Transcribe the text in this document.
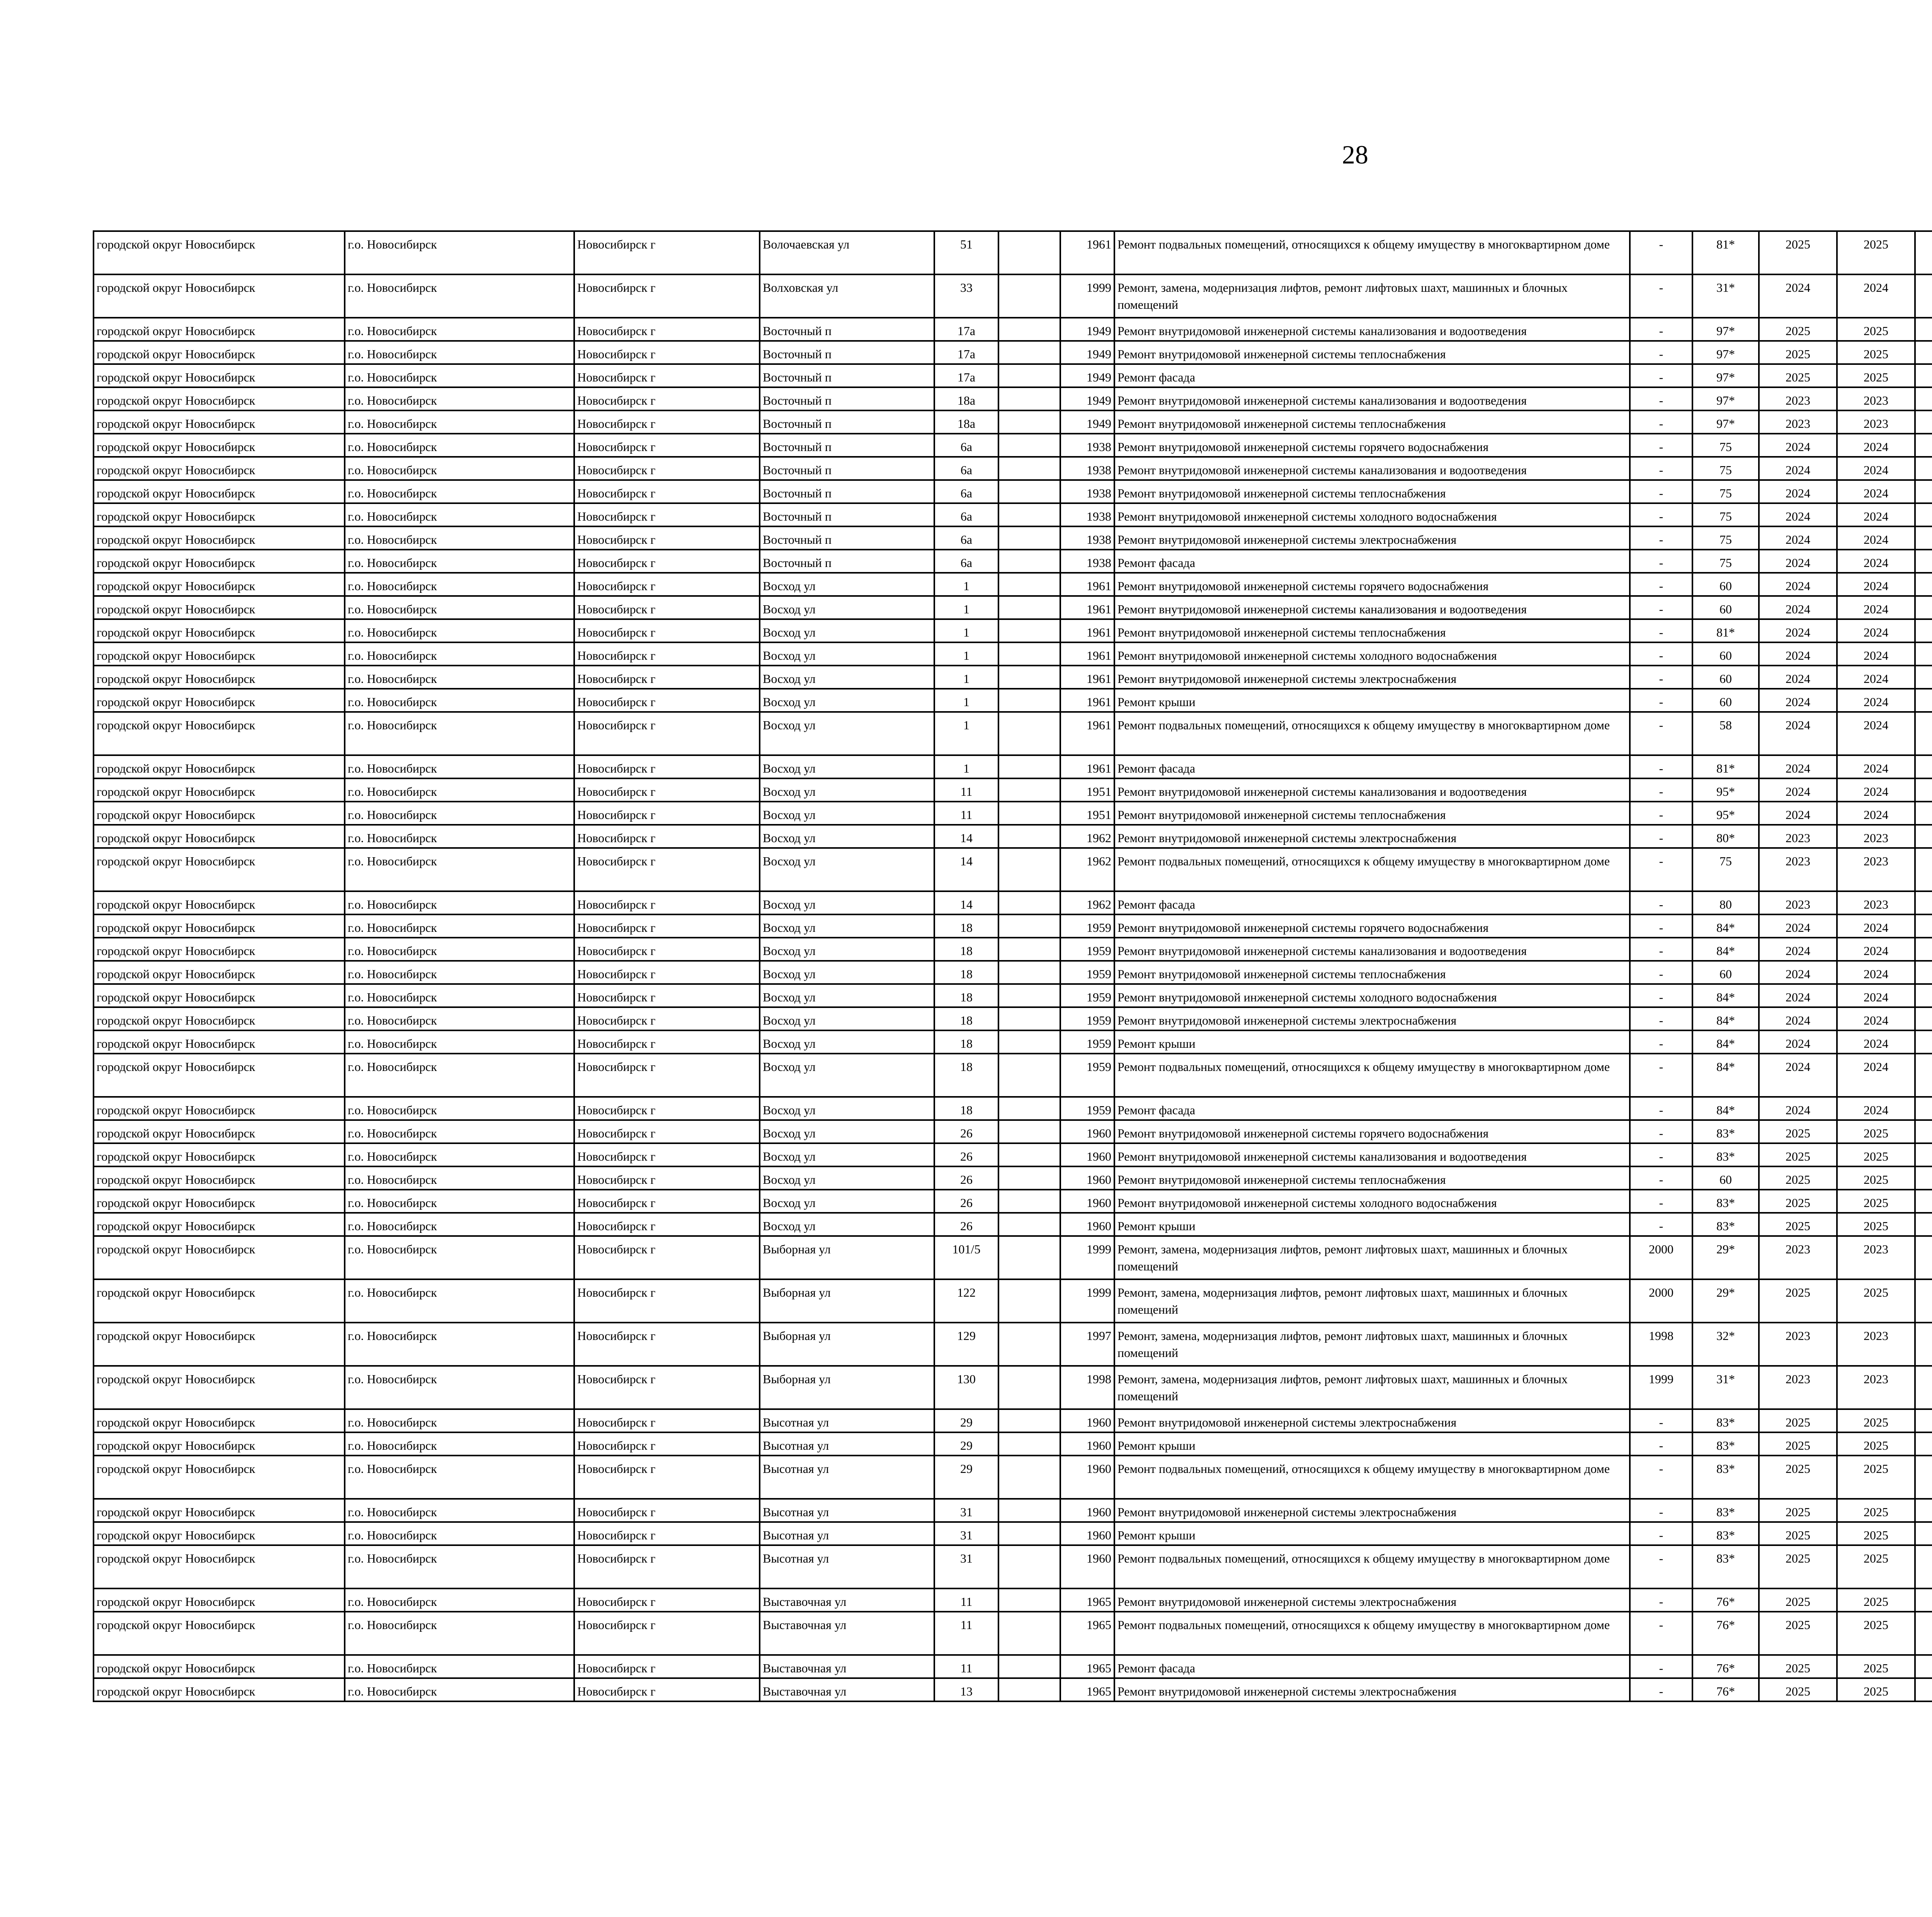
28
городской округ Новосибирск	г.о. Новосибирск	Новосибирск г	Волочаевская ул	51		1961	Ремонт подвальных помещений, относящихся к общему имуществу в многоквартирном доме	-	81*	2025	2025								
городской округ Новосибирск	г.о. Новосибирск	Новосибирск г	Волховская ул	33		1999	Ремонт, замена, модернизация лифтов, ремонт лифтовых шахт, машинных и блочных помещений	-	31*	2024	2024								
городской округ Новосибирск	г.о. Новосибирск	Новосибирск г	Восточный п	17а		1949	Ремонт внутридомовой инженерной системы канализования и водоотведения	-	97*	2025	2025								
городской округ Новосибирск	г.о. Новосибирск	Новосибирск г	Восточный п	17а		1949	Ремонт внутридомовой инженерной системы теплоснабжения	-	97*	2025	2025								
городской округ Новосибирск	г.о. Новосибирск	Новосибирск г	Восточный п	17а		1949	Ремонт фасада	-	97*	2025	2025								
городской округ Новосибирск	г.о. Новосибирск	Новосибирск г	Восточный п	18а		1949	Ремонт внутридомовой инженерной системы канализования и водоотведения	-	97*	2023	2023								
городской округ Новосибирск	г.о. Новосибирск	Новосибирск г	Восточный п	18а		1949	Ремонт внутридомовой инженерной системы теплоснабжения	-	97*	2023	2023								
городской округ Новосибирск	г.о. Новосибирск	Новосибирск г	Восточный п	6а		1938	Ремонт внутридомовой инженерной системы горячего водоснабжения	-	75	2024	2024								
городской округ Новосибирск	г.о. Новосибирск	Новосибирск г	Восточный п	6а		1938	Ремонт внутридомовой инженерной системы канализования и водоотведения	-	75	2024	2024								
городской округ Новосибирск	г.о. Новосибирск	Новосибирск г	Восточный п	6а		1938	Ремонт внутридомовой инженерной системы теплоснабжения	-	75	2024	2024								
городской округ Новосибирск	г.о. Новосибирск	Новосибирск г	Восточный п	6а		1938	Ремонт внутридомовой инженерной системы холодного водоснабжения	-	75	2024	2024								
городской округ Новосибирск	г.о. Новосибирск	Новосибирск г	Восточный п	6а		1938	Ремонт внутридомовой инженерной системы электроснабжения	-	75	2024	2024								
городской округ Новосибирск	г.о. Новосибирск	Новосибирск г	Восточный п	6а		1938	Ремонт фасада	-	75	2024	2024								
городской округ Новосибирск	г.о. Новосибирск	Новосибирск г	Восход ул	1		1961	Ремонт внутридомовой инженерной системы горячего водоснабжения	-	60	2024	2024								
городской округ Новосибирск	г.о. Новосибирск	Новосибирск г	Восход ул	1		1961	Ремонт внутридомовой инженерной системы канализования и водоотведения	-	60	2024	2024								
городской округ Новосибирск	г.о. Новосибирск	Новосибирск г	Восход ул	1		1961	Ремонт внутридомовой инженерной системы теплоснабжения	-	81*	2024	2024								
городской округ Новосибирск	г.о. Новосибирск	Новосибирск г	Восход ул	1		1961	Ремонт внутридомовой инженерной системы холодного водоснабжения	-	60	2024	2024								
городской округ Новосибирск	г.о. Новосибирск	Новосибирск г	Восход ул	1		1961	Ремонт внутридомовой инженерной системы электроснабжения	-	60	2024	2024								
городской округ Новосибирск	г.о. Новосибирск	Новосибирск г	Восход ул	1		1961	Ремонт крыши	-	60	2024	2024								
городской округ Новосибирск	г.о. Новосибирск	Новосибирск г	Восход ул	1		1961	Ремонт подвальных помещений, относящихся к общему имуществу в многоквартирном доме	-	58	2024	2024								
городской округ Новосибирск	г.о. Новосибирск	Новосибирск г	Восход ул	1		1961	Ремонт фасада	-	81*	2024	2024								
городской округ Новосибирск	г.о. Новосибирск	Новосибирск г	Восход ул	11		1951	Ремонт внутридомовой инженерной системы канализования и водоотведения	-	95*	2024	2024								
городской округ Новосибирск	г.о. Новосибирск	Новосибирск г	Восход ул	11		1951	Ремонт внутридомовой инженерной системы теплоснабжения	-	95*	2024	2024								
городской округ Новосибирск	г.о. Новосибирск	Новосибирск г	Восход ул	14		1962	Ремонт внутридомовой инженерной системы электроснабжения	-	80*	2023	2023								
городской округ Новосибирск	г.о. Новосибирск	Новосибирск г	Восход ул	14		1962	Ремонт подвальных помещений, относящихся к общему имуществу в многоквартирном доме	-	75	2023	2023								
городской округ Новосибирск	г.о. Новосибирск	Новосибирск г	Восход ул	14		1962	Ремонт фасада	-	80	2023	2023								
городской округ Новосибирск	г.о. Новосибирск	Новосибирск г	Восход ул	18		1959	Ремонт внутридомовой инженерной системы горячего водоснабжения	-	84*	2024	2024								
городской округ Новосибирск	г.о. Новосибирск	Новосибирск г	Восход ул	18		1959	Ремонт внутридомовой инженерной системы канализования и водоотведения	-	84*	2024	2024								
городской округ Новосибирск	г.о. Новосибирск	Новосибирск г	Восход ул	18		1959	Ремонт внутридомовой инженерной системы теплоснабжения	-	60	2024	2024								
городской округ Новосибирск	г.о. Новосибирск	Новосибирск г	Восход ул	18		1959	Ремонт внутридомовой инженерной системы холодного водоснабжения	-	84*	2024	2024								
городской округ Новосибирск	г.о. Новосибирск	Новосибирск г	Восход ул	18		1959	Ремонт внутридомовой инженерной системы электроснабжения	-	84*	2024	2024								
городской округ Новосибирск	г.о. Новосибирск	Новосибирск г	Восход ул	18		1959	Ремонт крыши	-	84*	2024	2024								
городской округ Новосибирск	г.о. Новосибирск	Новосибирск г	Восход ул	18		1959	Ремонт подвальных помещений, относящихся к общему имуществу в многоквартирном доме	-	84*	2024	2024								
городской округ Новосибирск	г.о. Новосибирск	Новосибирск г	Восход ул	18		1959	Ремонт фасада	-	84*	2024	2024								
городской округ Новосибирск	г.о. Новосибирск	Новосибирск г	Восход ул	26		1960	Ремонт внутридомовой инженерной системы горячего водоснабжения	-	83*	2025	2025								
городской округ Новосибирск	г.о. Новосибирск	Новосибирск г	Восход ул	26		1960	Ремонт внутридомовой инженерной системы канализования и водоотведения	-	83*	2025	2025								
городской округ Новосибирск	г.о. Новосибирск	Новосибирск г	Восход ул	26		1960	Ремонт внутридомовой инженерной системы теплоснабжения	-	60	2025	2025								
городской округ Новосибирск	г.о. Новосибирск	Новосибирск г	Восход ул	26		1960	Ремонт внутридомовой инженерной системы холодного водоснабжения	-	83*	2025	2025								
городской округ Новосибирск	г.о. Новосибирск	Новосибирск г	Восход ул	26		1960	Ремонт крыши	-	83*	2025	2025								
городской округ Новосибирск	г.о. Новосибирск	Новосибирск г	Выборная ул	101/5		1999	Ремонт, замена, модернизация лифтов, ремонт лифтовых шахт, машинных и блочных помещений	2000	29*	2023	2023								
городской округ Новосибирск	г.о. Новосибирск	Новосибирск г	Выборная ул	122		1999	Ремонт, замена, модернизация лифтов, ремонт лифтовых шахт, машинных и блочных помещений	2000	29*	2025	2025								
городской округ Новосибирск	г.о. Новосибирск	Новосибирск г	Выборная ул	129		1997	Ремонт, замена, модернизация лифтов, ремонт лифтовых шахт, машинных и блочных помещений	1998	32*	2023	2023								
городской округ Новосибирск	г.о. Новосибирск	Новосибирск г	Выборная ул	130		1998	Ремонт, замена, модернизация лифтов, ремонт лифтовых шахт, машинных и блочных помещений	1999	31*	2023	2023								
городской округ Новосибирск	г.о. Новосибирск	Новосибирск г	Высотная ул	29		1960	Ремонт внутридомовой инженерной системы электроснабжения	-	83*	2025	2025								
городской округ Новосибирск	г.о. Новосибирск	Новосибирск г	Высотная ул	29		1960	Ремонт крыши	-	83*	2025	2025								
городской округ Новосибирск	г.о. Новосибирск	Новосибирск г	Высотная ул	29		1960	Ремонт подвальных помещений, относящихся к общему имуществу в многоквартирном доме	-	83*	2025	2025								
городской округ Новосибирск	г.о. Новосибирск	Новосибирск г	Высотная ул	31		1960	Ремонт внутридомовой инженерной системы электроснабжения	-	83*	2025	2025								
городской округ Новосибирск	г.о. Новосибирск	Новосибирск г	Высотная ул	31		1960	Ремонт крыши	-	83*	2025	2025								
городской округ Новосибирск	г.о. Новосибирск	Новосибирск г	Высотная ул	31		1960	Ремонт подвальных помещений, относящихся к общему имуществу в многоквартирном доме	-	83*	2025	2025								
городской округ Новосибирск	г.о. Новосибирск	Новосибирск г	Выставочная ул	11		1965	Ремонт внутридомовой инженерной системы электроснабжения	-	76*	2025	2025								
городской округ Новосибирск	г.о. Новосибирск	Новосибирск г	Выставочная ул	11		1965	Ремонт подвальных помещений, относящихся к общему имуществу в многоквартирном доме	-	76*	2025	2025								
городской округ Новосибирск	г.о. Новосибирск	Новосибирск г	Выставочная ул	11		1965	Ремонт фасада	-	76*	2025	2025								
городской округ Новосибирск	г.о. Новосибирск	Новосибирск г	Выставочная ул	13		1965	Ремонт внутридомовой инженерной системы электроснабжения	-	76*	2025	2025								
